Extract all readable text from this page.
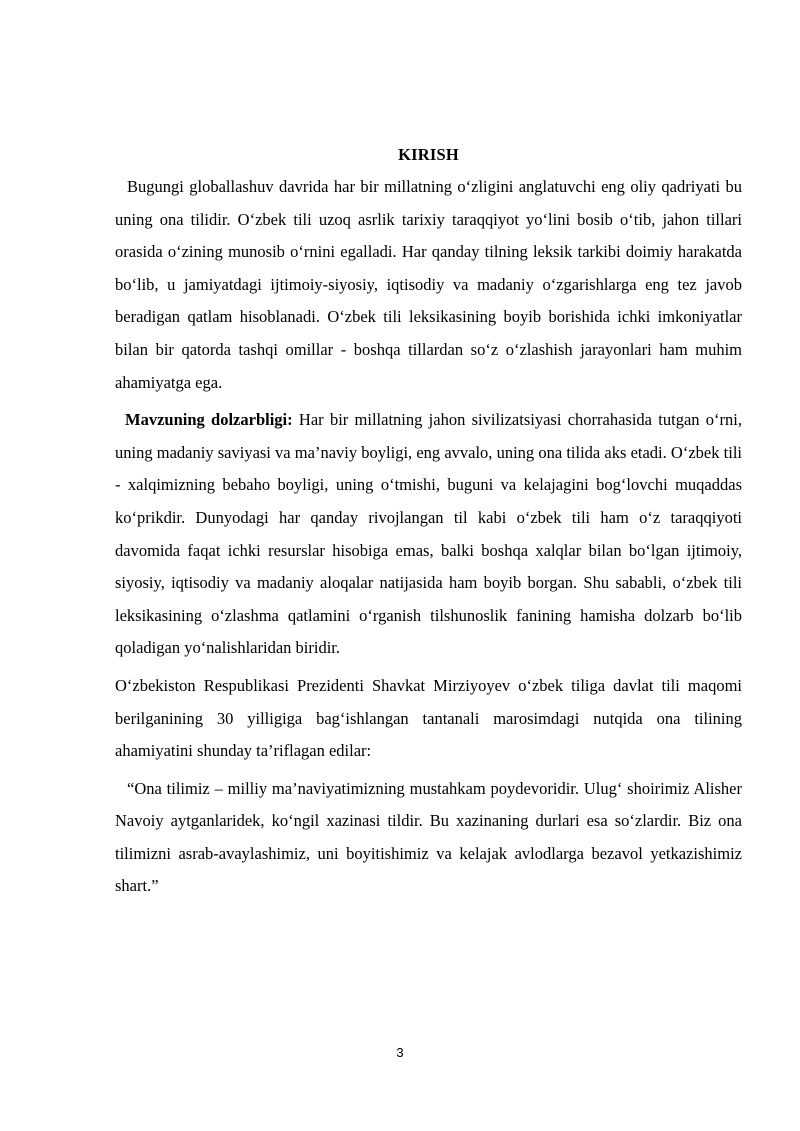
KIRISH

Bugungi globallashuv davrida har bir millatning o‘zligini anglatuvchi eng oliy qadriyati bu uning ona tilidir. O‘zbek tili uzoq asrlik tarixiy taraqqiyot yo‘lini bosib o‘tib, jahon tillari orasida o‘zining munosib o‘rnini egalladi. Har qanday tilning leksik tarkibi doimiy harakatda bo‘lib, u jamiyatdagi ijtimoiy-siyosiy, iqtisodiy va madaniy o‘zgarishlarga eng tez javob beradigan qatlam hisoblanadi. O‘zbek tili leksikasining boyib borishida ichki imkoniyatlar bilan bir qatorda tashqi omillar - boshqa tillardan so‘z o‘zlashish jarayonlari ham muhim ahamiyatga ega.

Mavzuning dolzarbligi: Har bir millatning jahon sivilizatsiyasi chorrahasida tutgan o‘rni, uning madaniy saviyasi va ma’naviy boyligi, eng avvalo, uning ona tilida aks etadi. O‘zbek tili - xalqimizning bebaho boyligi, uning o‘tmishi, buguni va kelajagini bog‘lovchi muqaddas ko‘prikdir. Dunyodagi har qanday rivojlangan til kabi o‘zbek tili ham o‘z taraqqiyoti davomida faqat ichki resurslar hisobiga emas, balki boshqa xalqlar bilan bo‘lgan ijtimoiy, siyosiy, iqtisodiy va madaniy aloqalar natijasida ham boyib borgan. Shu sababli, o‘zbek tili leksikasining o‘zlashma qatlamini o‘rganish tilshunoslik fanining hamisha dolzarb bo‘lib qoladigan yo‘nalishlaridan biridir.

O‘zbekiston Respublikasi Prezidenti Shavkat Mirziyoyev o‘zbek tiliga davlat tili maqomi berilganining 30 yilligiga bag‘ishlangan tantanali marosimdagi nutqida ona tilining ahamiyatini shunday ta’riflagan edilar:

“Ona tilimiz – milliy ma’naviyatimizning mustahkam poydevoridir. Ulug‘ shoirimiz Alisher Navoiy aytganlaridek, ko‘ngil xazinasi tildir. Bu xazinaning durlari esa so‘zlardir. Biz ona tilimizni asrab-avaylashimiz, uni boyitishimiz va kelajak avlodlarga bezavol yetkazishimiz shart.”

3
